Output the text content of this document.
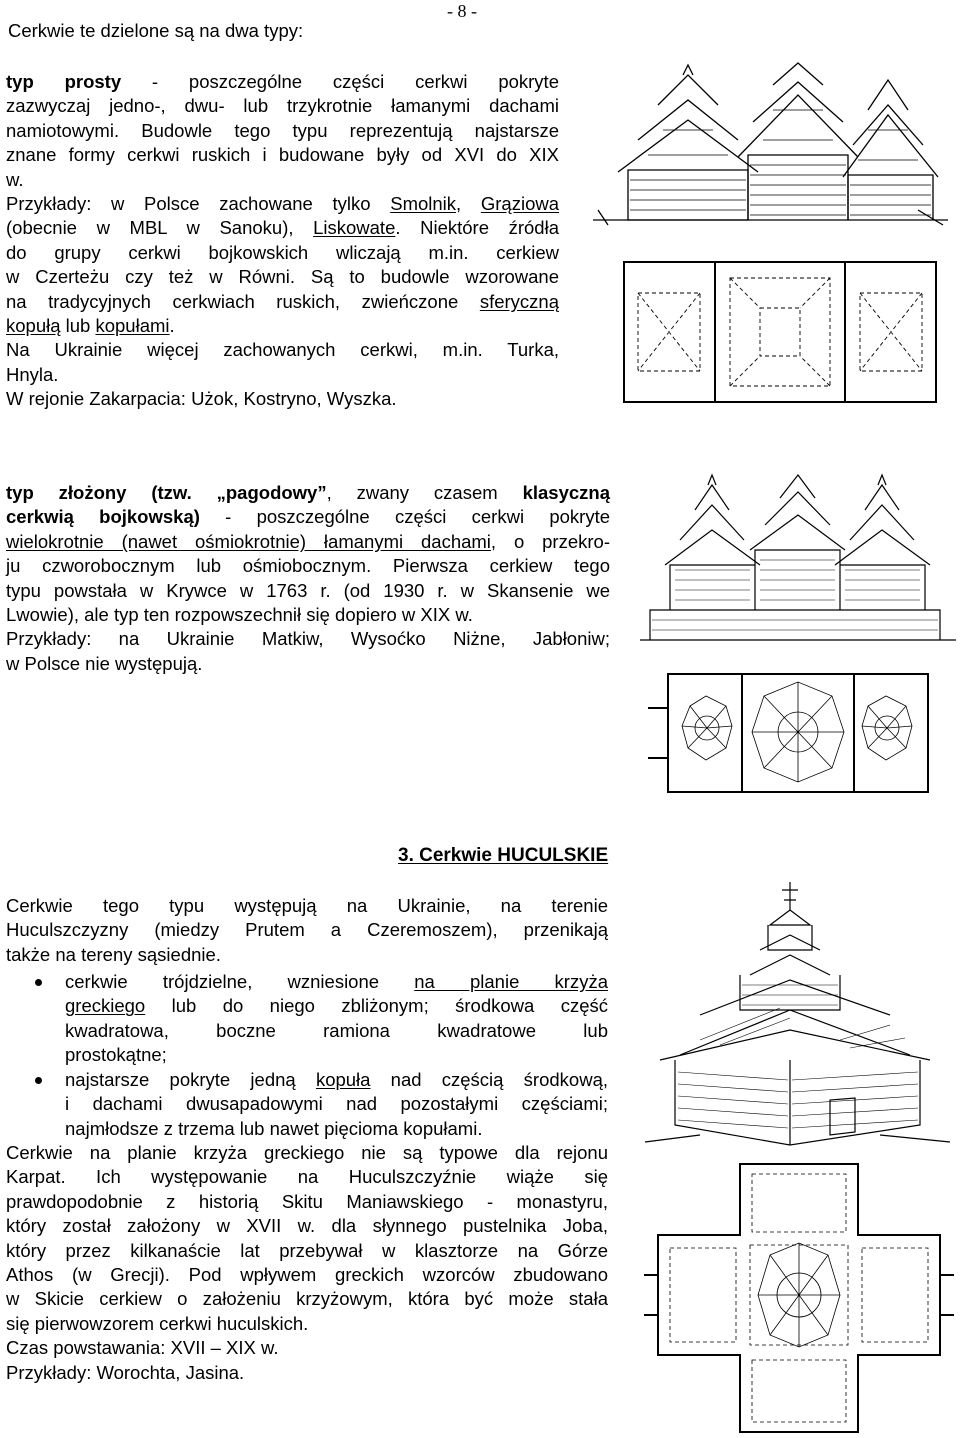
Cerkwie te dzielone są na dwa typy:
- 8 -
typ prosty - poszczególne części cerkwi pokryte
zazwyczaj jedno-, dwu- lub trzykrotnie łamanymi dachami
namiotowymi. Budowle tego typu reprezentują najstarsze
znane formy cerkwi ruskich i budowane były od XVI do XIX
w.
Przykłady: w Polsce zachowane tylko Smolnik, Grąziowa
(obecnie w MBL w Sanoku), Liskowate. Niektóre źródła
do grupy cerkwi bojkowskich wliczają m.in. cerkiew
w Czerteżu czy też w Równi. Są to budowle wzorowane
na tradycyjnych cerkwiach ruskich, zwieńczone sferyczną
kopułą lub kopułami.
Na Ukrainie więcej zachowanych cerkwi, m.in. Turka,
Hnyla.
W rejonie Zakarpacia: Użok, Kostryno, Wyszka.
typ złożony (tzw. „pagodowy”, zwany czasem klasyczną
cerkwią bojkowską) - poszczególne części cerkwi pokryte
wielokrotnie (nawet ośmiokrotnie) łamanymi dachami, o przekro-
ju czworobocznym lub ośmiobocznym. Pierwsza cerkiew tego
typu powstała w Krywce w 1763 r. (od 1930 r. w Skansenie we
Lwowie), ale typ ten rozpowszechnił się dopiero w XIX w.
Przykłady: na Ukrainie Matkiw, Wysoćko Niżne, Jabłoniw;
w Polsce nie występują.
3. Cerkwie HUCULSKIE
Cerkwie tego typu występują na Ukrainie, na terenie
Huculszczyzny (miedzy Prutem a Czeremoszem), przenikają
także na tereny sąsiednie.
cerkwie trójdzielne, wzniesione na planie krzyża
greckiego lub do niego zbliżonym; środkowa część
kwadratowa, boczne ramiona kwadratowe lub
prostokątne;
najstarsze pokryte jedną kopuła nad częścią środkową,
i dachami dwusapadowymi nad pozostałymi częściami;
najmłodsze z trzema lub nawet pięcioma kopułami.
Cerkwie na planie krzyża greckiego nie są typowe dla rejonu
Karpat. Ich występowanie na Huculszczyźnie wiąże się
prawdopodobnie z historią Skitu Maniawskiego - monastyru,
który został założony w XVII w. dla słynnego pustelnika Joba,
który przez kilkanaście lat przebywał w klasztorze na Górze
Athos (w Grecji). Pod wpływem greckich wzorców zbudowano
w Skicie cerkiew o założeniu krzyżowym, która być może stała
się pierwowzorem cerkwi huculskich.
Czas powstawania: XVII – XIX w.
Przykłady: Worochta, Jasina.
